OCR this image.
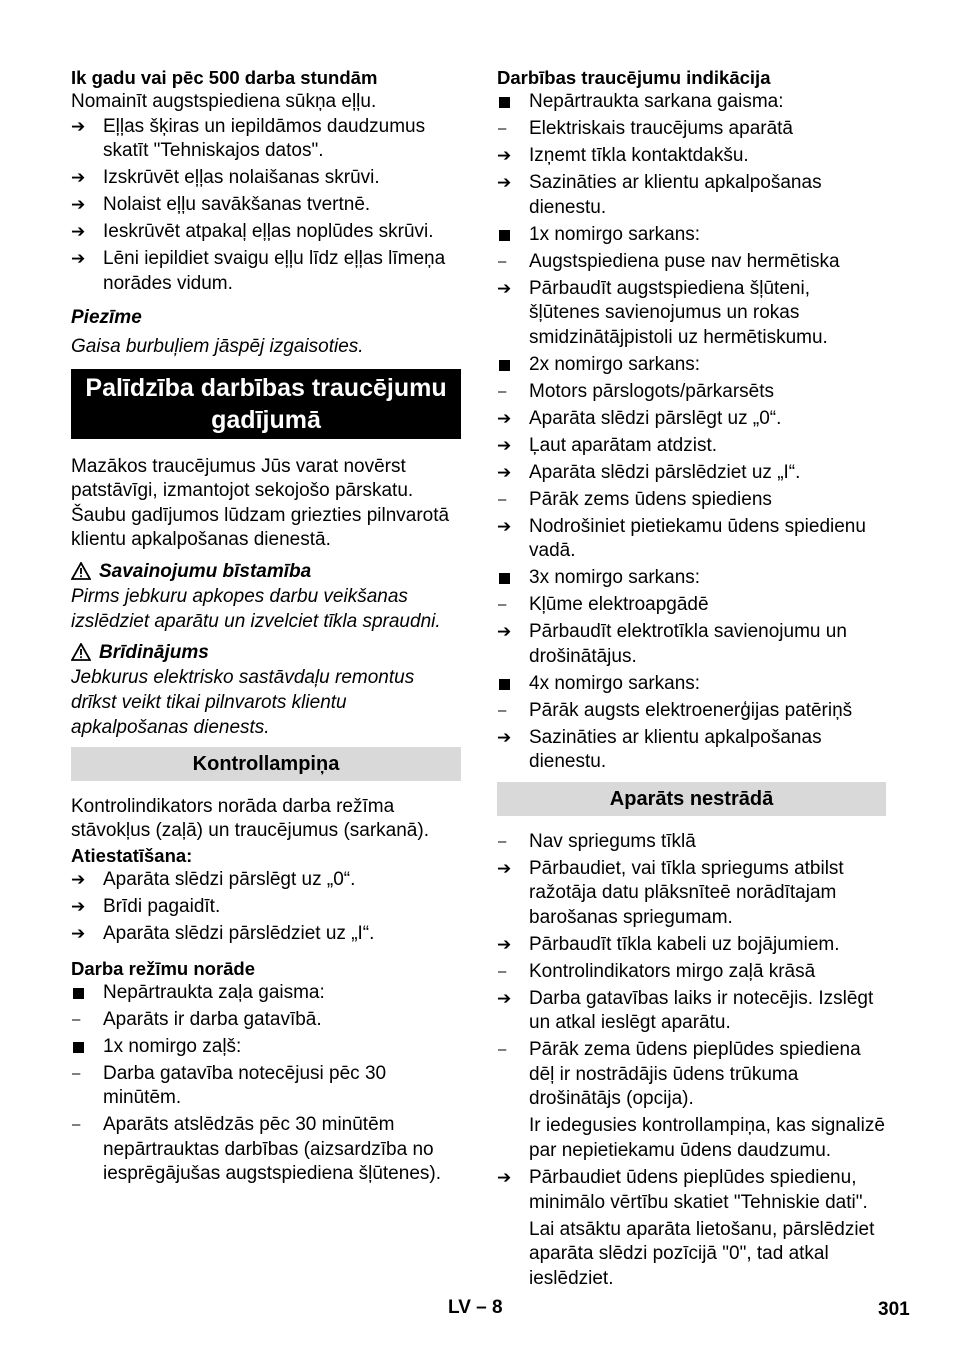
Ik gadu vai pēc 500 darba stundām
Nomainīt augstspiediena sūkņa eļļu.
➔
Eļļas šķiras un iepildāmos daudzumus skatīt "Tehniskajos datos".
➔
Izskrūvēt eļļas nolaišanas skrūvi.
➔
Nolaist eļļu savākšanas tvertnē.
➔
Ieskrūvēt atpakaļ eļļas noplūdes skrūvi.
➔
Lēni iepildiet svaigu eļļu līdz eļļas līmeņa norādes vidum.
Piezīme
Gaisa burbuļiem jāspēj izgaisoties.
Palīdzība darbības traucējumu gadījumā
Mazākos traucējumus Jūs varat novērst patstāvīgi, izmantojot sekojošo pārskatu. Šaubu gadījumos lūdzam griezties pilnvarotā klientu apkalpošanas dienestā.
Savainojumu bīstamība
Pirms jebkuru apkopes darbu veikšanas izslēdziet aparātu un izvelciet tīkla spraudni.
Brīdinājums
Jebkurus elektrisko sastāvdaļu remontus drīkst veikt tikai pilnvarots klientu apkalpošanas dienests.
Kontrollampiņa
Kontrolindikators norāda darba režīma stāvokļus (zaļā) un traucējumus (sarkanā).
Atiestatīšana:
➔
Aparāta slēdzi pārslēgt uz „0“.
➔
Brīdi pagaidīt.
➔
Aparāta slēdzi pārslēdziet uz „I“.
Darba režīmu norāde
Nepārtraukta zaļa gaisma:
–
Aparāts ir darba gatavībā.
1x nomirgo zaļš:
–
Darba gatavība notecējusi pēc 30 minūtēm.
–
Aparāts atslēdzās pēc 30 minūtēm nepārtrauktas darbības (aizsardzība no iesprēgājušas augstspiediena šļūtenes).
Darbības traucējumu indikācija
Nepārtraukta sarkana gaisma:
–
Elektriskais traucējums aparātā
➔
Izņemt tīkla kontaktdakšu.
➔
Sazināties ar klientu apkalpošanas dienestu.
1x nomirgo sarkans:
–
Augstspiediena puse nav hermētiska
➔
Pārbaudīt augstspiediena šļūteni, šļūtenes savienojumus un rokas smidzinātājpistoli uz hermētiskumu.
2x nomirgo sarkans:
–
Motors pārslogots/pārkarsēts
➔
Aparāta slēdzi pārslēgt uz „0“.
➔
Ļaut aparātam atdzist.
➔
Aparāta slēdzi pārslēdziet uz „I“.
–
Pārāk zems ūdens spiediens
➔
Nodrošiniet pietiekamu ūdens spiedienu vadā.
3x nomirgo sarkans:
–
Kļūme elektroapgādē
➔
Pārbaudīt elektrotīkla savienojumu un drošinātājus.
4x nomirgo sarkans:
–
Pārāk augsts elektroenerģijas patēriņš
➔
Sazināties ar klientu apkalpošanas dienestu.
Aparāts nestrādā
–
Nav spriegums tīklā
➔
Pārbaudiet, vai tīkla spriegums atbilst ražotāja datu plāksnīteē norādītajam barošanas spriegumam.
➔
Pārbaudīt tīkla kabeli uz bojājumiem.
–
Kontrolindikators mirgo zaļā krāsā
➔
Darba gatavības laiks ir notecējis. Izslēgt un atkal ieslēgt aparātu.
–
Pārāk zema ūdens pieplūdes spiediena dēļ ir nostrādājis ūdens trūkuma drošinātājs (opcija).
Ir iedegusies kontrollampiņa, kas signalizē par nepietiekamu ūdens daudzumu.
➔
Pārbaudiet ūdens pieplūdes spiedienu, minimālo vērtību skatiet "Tehniskie dati".
Lai atsāktu aparāta lietošanu, pārslēdziet aparāta slēdzi pozīcijā "0", tad atkal ieslēdziet.
LV – 8	301
